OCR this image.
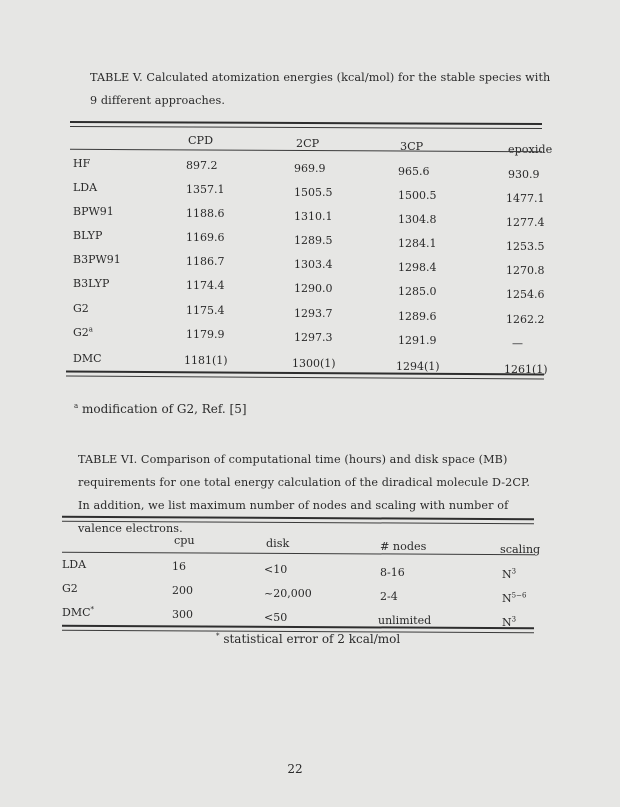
TABLE V. Calculated atomization energies (kcal/mol) for the stable species with 9 different approaches.
CPD	2CP	3CP	epoxide
HF	897.2	969.9	965.6	930.9
LDA	1357.1	1505.5	1500.5	1477.1
BPW91	1188.6	1310.1	1304.8	1277.4
BLYP	1169.6	1289.5	1284.1	1253.5
B3PW91	1186.7	1303.4	1298.4	1270.8
B3LYP	1174.4	1290.0	1285.0	1254.6
G2	1175.4	1293.7	1289.6	1262.2
G2$^a$	1179.9	1297.3	1291.9	—
DMC	1181(1)	1300(1)	1294(1)	1261(1)
$^a$ modification of G2, Ref. [5]
TABLE VI. Comparison of computational time (hours) and disk space (MB) requirements for one total energy calculation of the diradical molecule D-2CP. In addition, we list maximum number of nodes and scaling with number of valence electrons.
cpu	disk	# nodes	scaling
LDA	16	<10	8-16	$N^3$
G2	200	~20,000	2-4	$N^{5-6}$
DMC*	300	<50	unlimited	$N^3$
* statistical error of 2 kcal/mol
22
